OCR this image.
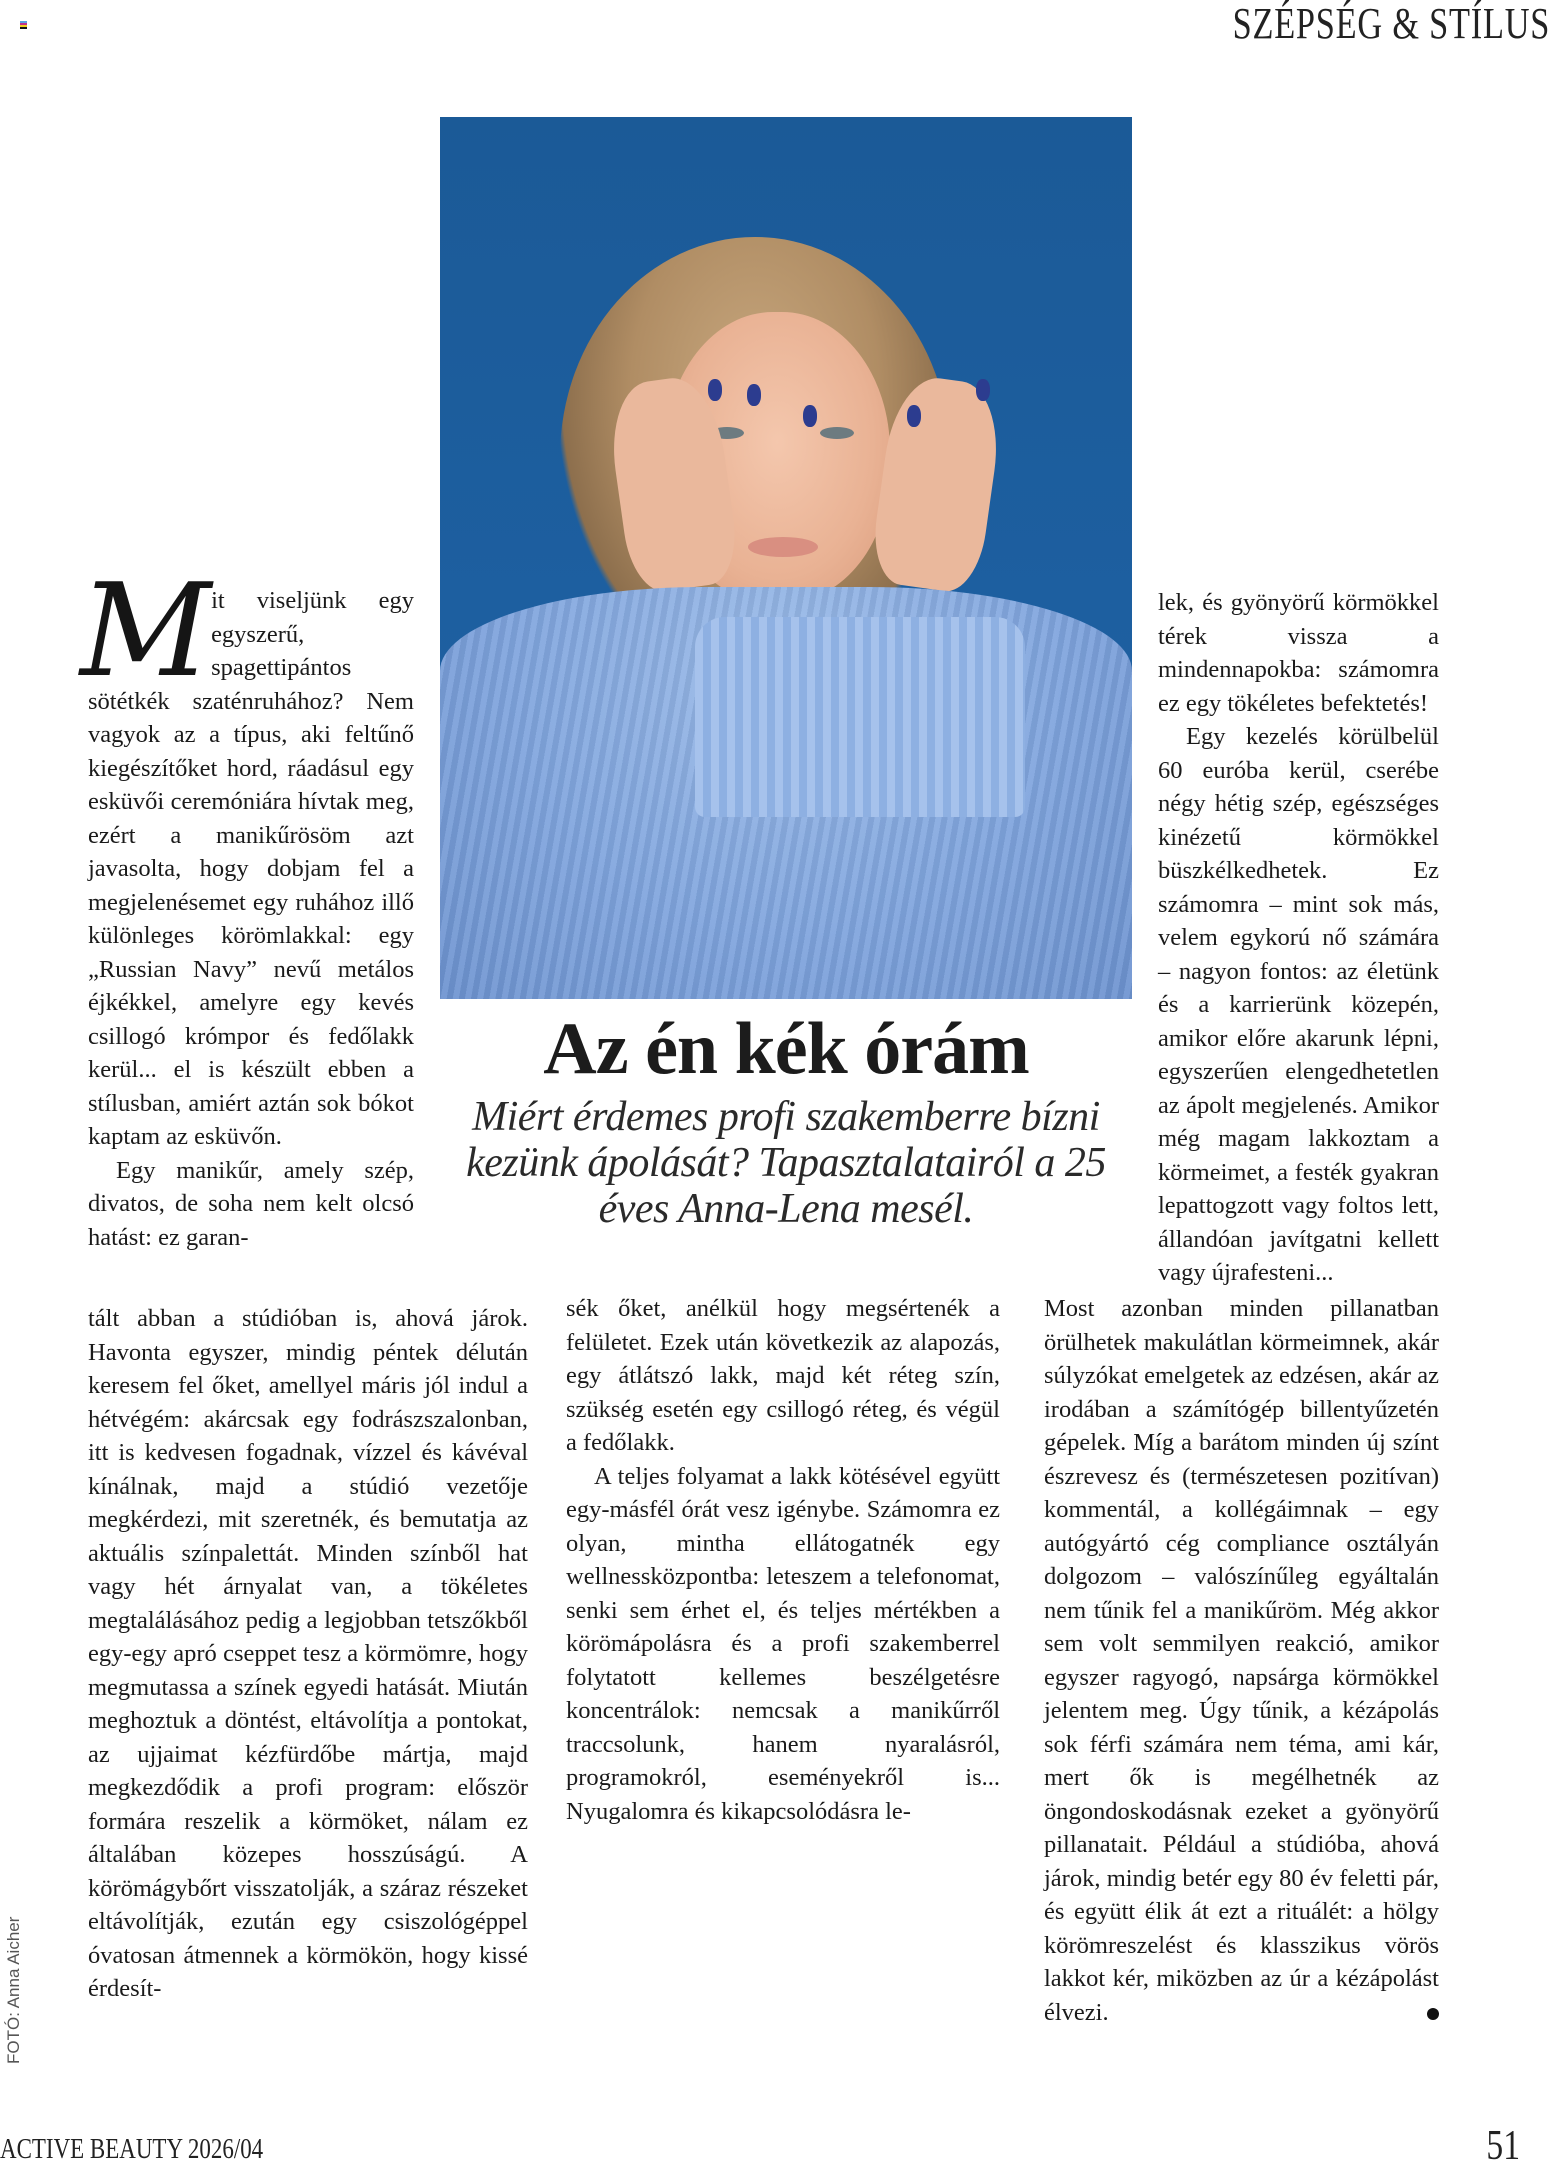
SZÉPSÉG & STÍLUS
Az én kék órám
Miért érdemes profi szakemberre bízni kezünk ápolását? Tapasztalatairól a 25 éves Anna-Lena mesél.

Mit viseljünk egy egyszerű, spagettipántos sötétkék szaténruhához? Nem vagyok az a típus, aki feltűnő kiegészítőket hord, ráadásul egy esküvői ceremóniára hívtak meg, ezért a manikűrösöm azt javasolta, hogy dobjam fel a megjelenésemet egy ruhához illő különleges körömlakkal: egy „Russian Navy” nevű metálos éjkékkel, amelyre egy kevés csillogó krómpor és fedőlakk kerül... el is készült ebben a stílusban, amiért aztán sok bókot kaptam az esküvőn.

Egy manikűr, amely szép, divatos, de soha nem kelt olcsó hatást: ez garan-

tált abban a stúdióban is, ahová járok. Havonta egyszer, mindig péntek délután keresem fel őket, amellyel máris jól indul a hétvégém: akárcsak egy fodrászszalonban, itt is kedvesen fogadnak, vízzel és kávéval kínálnak, majd a stúdió vezetője megkérdezi, mit szeretnék, és bemutatja az aktuális színpalettát. Minden színből hat vagy hét árnyalat van, a tökéletes megtalálásához pedig a legjobban tetszőkből egy-egy apró cseppet tesz a körmömre, hogy megmutassa a színek egyedi hatását. Miután meghoztuk a döntést, eltávolítja a pontokat, az ujjaimat kézfürdőbe mártja, majd megkezdődik a profi program: először formára reszelik a körmöket, nálam ez általában közepes hosszúságú. A körömágybőrt visszatolják, a száraz részeket eltávolítják, ezután egy csiszológéppel óvatosan átmennek a körmökön, hogy kissé érdesít-

sék őket, anélkül hogy megsértenék a felületet. Ezek után következik az alapozás, egy átlátszó lakk, majd két réteg szín, szükség esetén egy csillogó réteg, és végül a fedőlakk.

A teljes folyamat a lakk kötésével együtt egy-másfél órát vesz igénybe. Számomra ez olyan, mintha ellátogatnék egy wellnessközpontba: leteszem a telefonomat, senki sem érhet el, és teljes mértékben a körömápolásra és a profi szakemberrel folytatott kellemes beszélgetésre koncentrálok: nemcsak a manikűrről traccsolunk, hanem nyaralásról, programokról, eseményekről is... Nyugalomra és kikapcsolódásra le-

lek, és gyönyörű körmökkel térek vissza a mindennapokba: számomra ez egy tökéletes befektetés!

Egy kezelés körülbelül 60 euróba kerül, cserébe négy hétig szép, egészséges kinézetű körmökkel büszkélkedhetek. Ez számomra – mint sok más, velem egykorú nő számára – nagyon fontos: az életünk és a karrierünk közepén, amikor előre akarunk lépni, egyszerűen elengedhetetlen az ápolt megjelenés. Amikor még magam lakkoztam a körmeimet, a festék gyakran lepattogzott vagy foltos lett, állandóan javítgatni kellett vagy újrafesteni...

Most azonban minden pillanatban örülhetek makulátlan körmeimnek, akár súlyzókat emelgetek az edzésen, akár az irodában a számítógép billentyűzetén gépelek. Míg a barátom minden új színt észrevesz és (természetesen pozitívan) kommentál, a kollégáimnak – egy autógyártó cég compliance osztályán dolgozom – valószínűleg egyáltalán nem tűnik fel a manikűröm. Még akkor sem volt semmilyen reakció, amikor egyszer ragyogó, napsárga körmökkel jelentem meg. Úgy tűnik, a kézápolás sok férfi számára nem téma, ami kár, mert ők is megélhetnék az öngondoskodásnak ezeket a gyönyörű pillanatait. Például a stúdióba, ahová járok, mindig betér egy 80 év feletti pár, és együtt élik át ezt a rituálét: a hölgy körömreszelést és klasszikus vörös lakkot kér, miközben az úr a kézápolást élvezi.

FOTÓ: Anna Aicher
ACTIVE BEAUTY 2026/04	51
